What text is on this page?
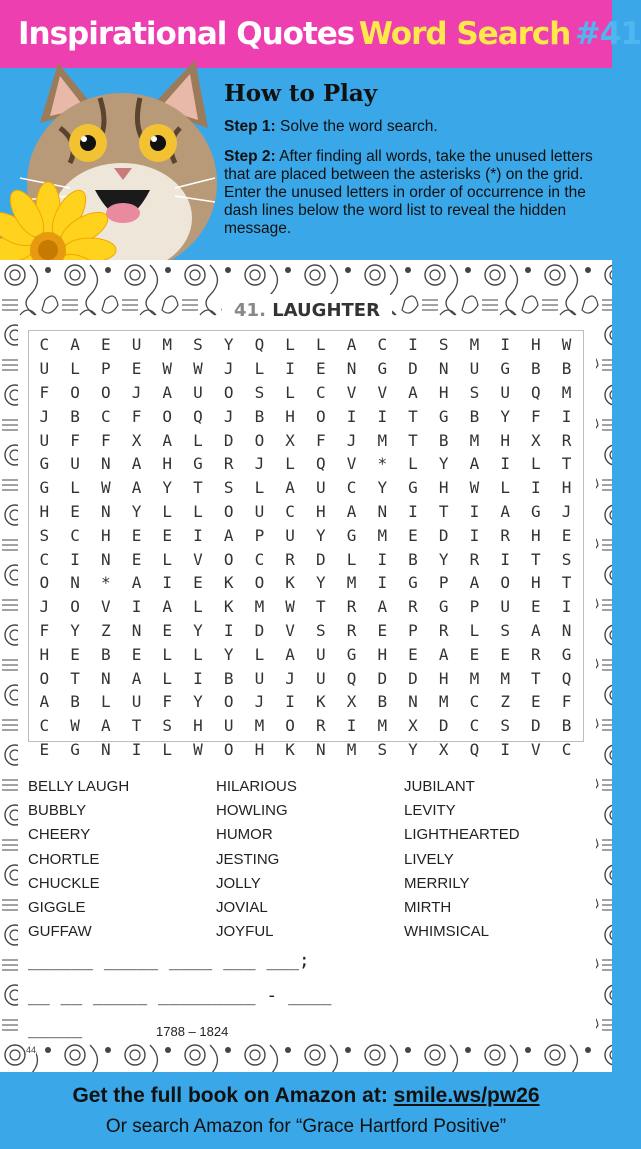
Inspirational Quotes
Word Search
#41
How to Play
Step 1: Solve the word search.
Step 2: After finding all words, take the unused letters that are placed between the asterisks (*) on the grid. Enter the unused letters in order of occurrence in the dash lines below the word list to reveal the hidden message.
41.
LAUGHTER
C	A	E	U	M	S	Y	Q	L	L	A	C	I	S	M	I	H	W
U	L	P	E	W	W	J	L	I	E	N	G	D	N	U	G	B	B
F	O	O	J	A	U	O	S	L	C	V	V	A	H	S	U	Q	M
J	B	C	F	O	Q	J	B	H	O	I	I	T	G	B	Y	F	I
U	F	F	X	A	L	D	O	X	F	J	M	T	B	M	H	X	R
G	U	N	A	H	G	R	J	L	Q	V	*	L	Y	A	I	L	T
G	L	W	A	Y	T	S	L	A	U	C	Y	G	H	W	L	I	H
H	E	N	Y	L	L	O	U	C	H	A	N	I	T	I	A	G	J
S	C	H	E	E	I	A	P	U	Y	G	M	E	D	I	R	H	E
C	I	N	E	L	V	O	C	R	D	L	I	B	Y	R	I	T	S
O	N	*	A	I	E	K	O	K	Y	M	I	G	P	A	O	H	T
J	O	V	I	A	L	K	M	W	T	R	A	R	G	P	U	E	I
F	Y	Z	N	E	Y	I	D	V	S	R	E	P	R	L	S	A	N
H	E	B	E	L	L	Y	L	A	U	G	H	E	A	E	E	R	G
O	T	N	A	L	I	B	U	J	U	Q	D	D	H	M	M	T	Q
A	B	L	U	F	Y	O	J	I	K	X	B	N	M	C	Z	E	F
C	W	A	T	S	H	U	M	O	R	I	M	X	D	C	S	D	B
E	G	N	I	L	W	O	H	K	N	M	S	Y	X	Q	I	V	C
BELLY LAUGH	HILARIOUS	JUBILANT
BUBBLY	HOWLING	LEVITY
CHEERY	HUMOR	LIGHTHEARTED
CHORTLE	JESTING	LIVELY
CHUCKLE	JOLLY	MERRILY
GIGGLE	JOVIAL	MIRTH
GUFFAW	JOYFUL	WHIMSICAL
______ _____ ____ ___ ___;
__ __ _____ _________ - ____
_____	1788 – 1824
44
Get the full book on Amazon at: smile.ws/pw26
Or search Amazon for “Grace Hartford Positive”
